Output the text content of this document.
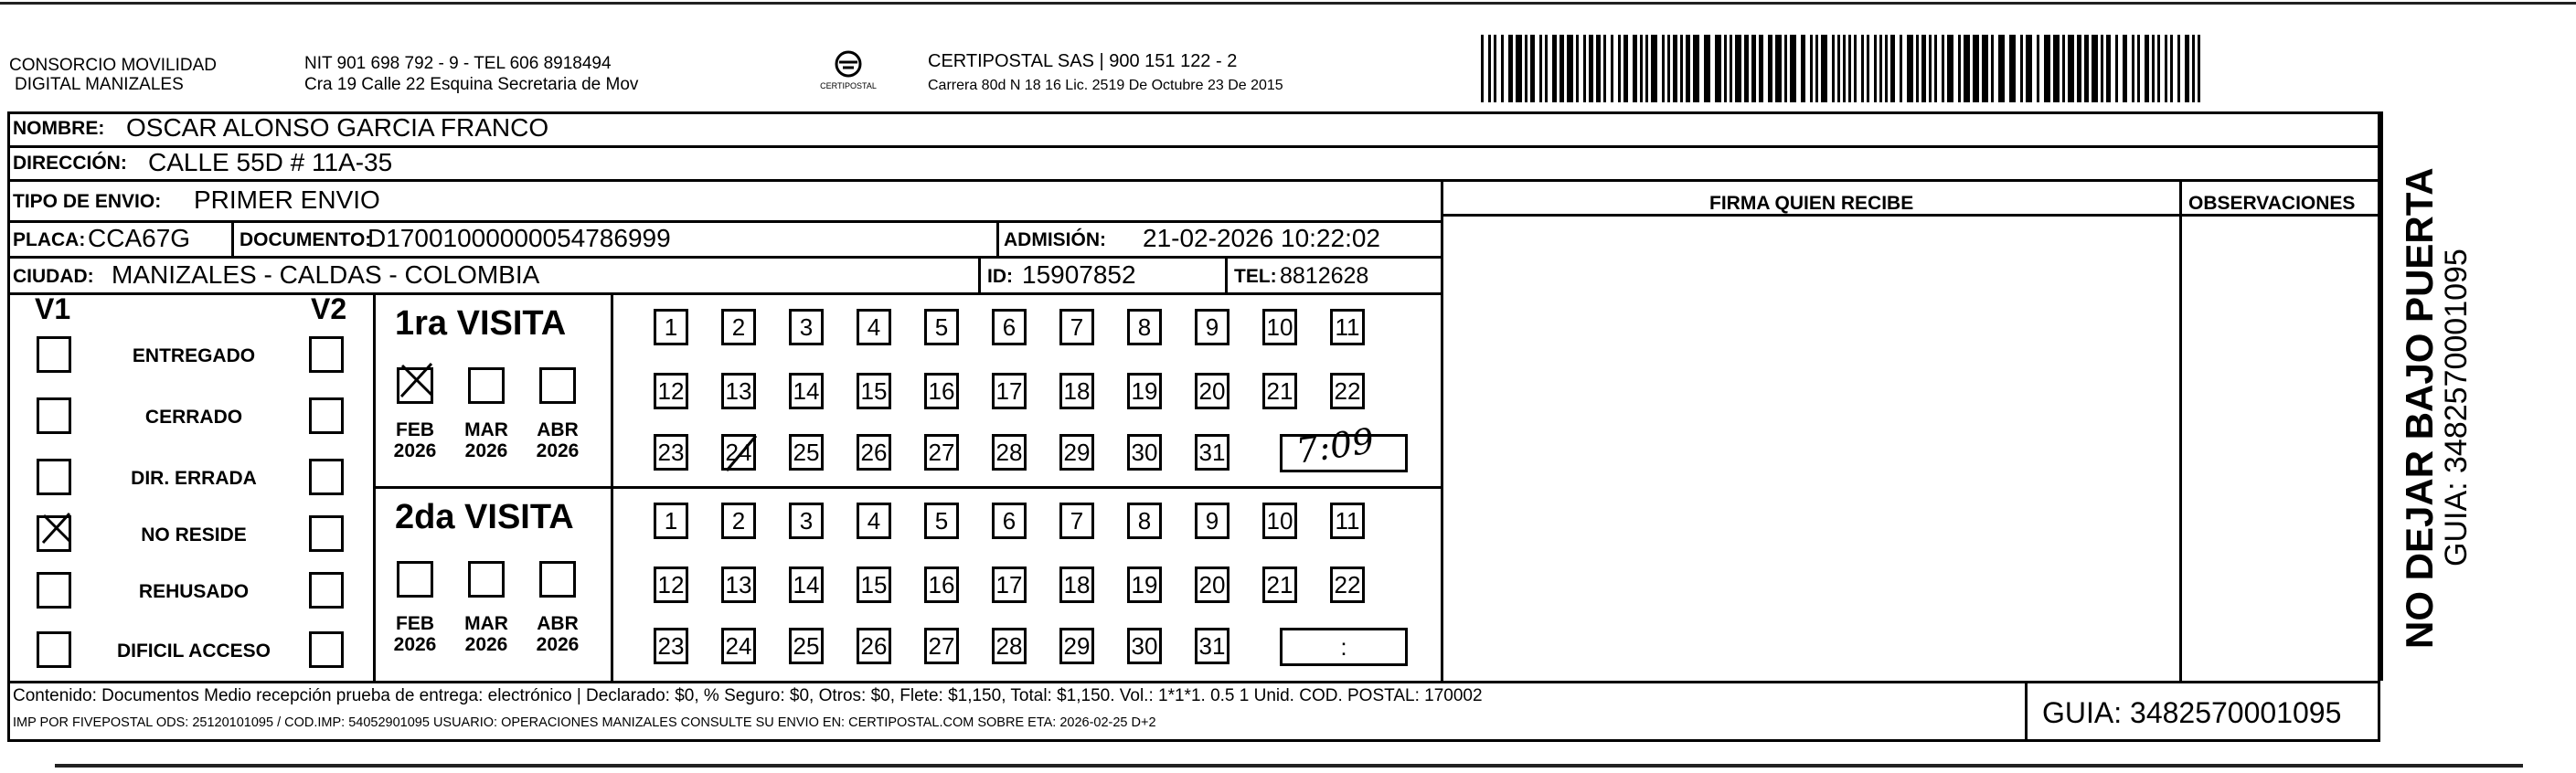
CONSORCIO MOVILIDAD
DIGITAL MANIZALES
NIT 901 698 792 - 9 - TEL 606 8918494
Cra 19 Calle 22 Esquina Secretaria de Mov	CERTIPOSTAL
CERTIPOSTAL SAS | 900 151 122 - 2
Carrera 80d N 18 16 Lic. 2519 De Octubre 23 De 2015
NOMBRE: OSCAR ALONSO GARCIA FRANCO
DIRECCIÓN: CALLE 55D # 11A-35
TIPO DE ENVIO: PRIMER ENVIO	FIRMA QUIEN RECIBE	OBSERVACIONES
PLACA: CCA67G	DOCUMENTO:
D17001000000054786999	ADMISIÓN: 21-02-2026 10:22:02
CIUDAD: MANIZALES - CALDAS - COLOMBIA	ID: 15907852	TEL: 8812628
V1	V2
ENTREGADO
CERRADO
DIR. ERRADA
NO RESIDE
REHUSADO
DIFICIL ACCESO
1ra VISITA
FEB
2026
MAR
2026
ABR
2026
1	2	3	4	5	6	7	8	9	10 11
12 13 14 15 16 17 18 19 20 21 22
23 24 25 26 27 28 29 30 31 7:09
2da VISITA
FEB
2026
MAR
2026
ABR
2026
1	2	3	4	5	6	7	8	9	10 11
12 13 14 15 16 17 18 19 20 21 22
23 24 25 26 27 28 29 30 31	:	NO DEJAR BAJO PUERTA
GUIA: 3482570001095
Contenido: Documentos Medio recepción prueba de entrega: electrónico | Declarado: $0, % Seguro: $0, Otros: $0, Flete: $1,150, Total: $1,150. Vol.: 1*1*1. 0.5 1 Unid. COD. POSTAL: 170002
IMP POR FIVEPOSTAL ODS: 25120101095 / COD.IMP: 54052901095 USUARIO: OPERACIONES MANIZALES CONSULTE SU ENVIO EN: CERTIPOSTAL.COM SOBRE ETA: 2026-02-25 D+2	GUIA: 3482570001095
